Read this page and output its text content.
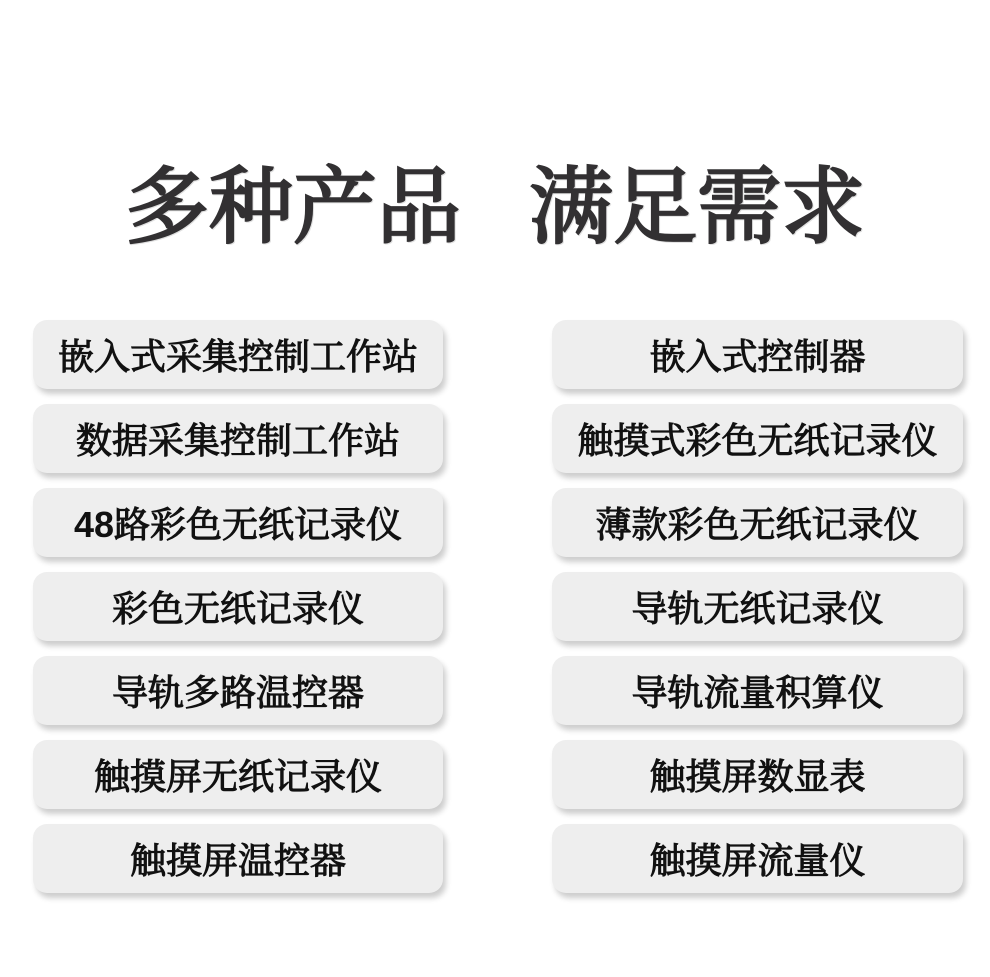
多种产品 满足需求
嵌入式采集控制工作站
数据采集控制工作站
48路彩色无纸记录仪
彩色无纸记录仪
导轨多路温控器
触摸屏无纸记录仪
触摸屏温控器
嵌入式控制器
触摸式彩色无纸记录仪
薄款彩色无纸记录仪
导轨无纸记录仪
导轨流量积算仪
触摸屏数显表
触摸屏流量仪
